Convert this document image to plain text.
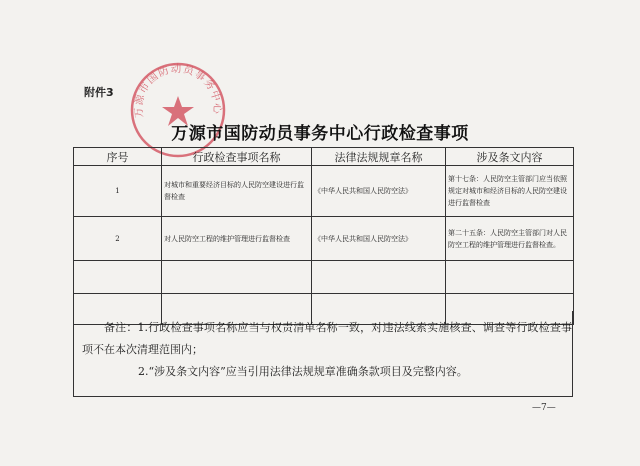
附件3
万源市国防动员事务中心
万源市国防动员事务中心行政检查事项
序号	行政检查事项名称	法律法规规章名称	涉及条文内容
1	对城市和重要经济目标的人民防空建设进行监督检查	《中华人民共和国人民防空法》	第十七条：人民防空主管部门应当依照规定对城市和经济目标的人民防空建设进行监督检查
2	对人民防空工程的维护管理进行监督检查	《中华人民共和国人民防空法》	第二十五条：人民防空主管部门对人民防空工程的维护管理进行监督检查。

备注：1.行政检查事项名称应当与权责清单名称一致，对违法线索实施核查、调查等行政检查事项不在本次清理范围内；
2.“涉及条文内容”应当引用法律法规规章准确条款项目及完整内容。
—7—
